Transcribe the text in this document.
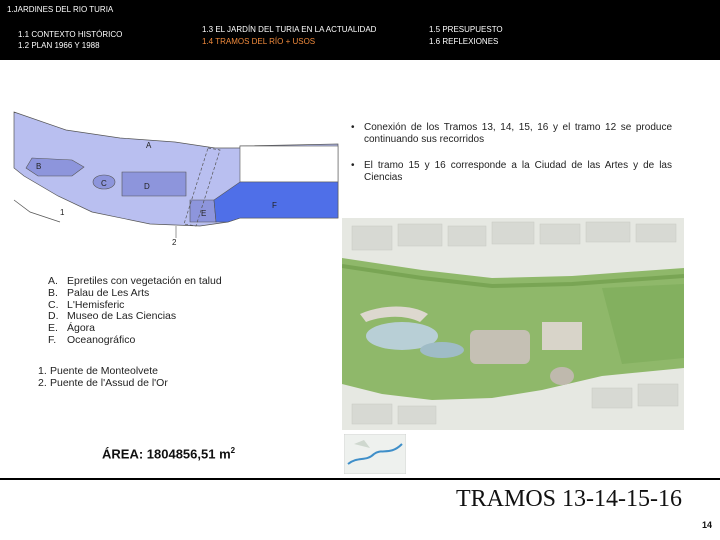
1.JARDINES DEL RIO TURIA
1.1 CONTEXTO HISTÓRICO
1.2 PLAN 1966 Y 1988
1.3 EL JARDÍN DEL TURIA EN LA ACTUALIDAD
1.4 TRAMOS DEL RÍO + USOS
1.5 PRESUPUESTO
1.6 REFLEXIONES
A
B
C	D
E
F
1
2
• Conexión de los Tramos 13, 14, 15, 16 y el tramo 12 se produce continuando sus recorridos
• El tramo 15 y 16 corresponde a la Ciudad de las Artes y de las Ciencias
A. Epretiles con vegetación en talud
B. Palau de Les Arts
C. L'Hemisferic
D. Museo de Las Ciencias
E. Ágora
F. Oceanográfico
1. Puente de Monteolvete
2. Puente de l'Assud de l'Or
ÁREA: 1804856,51 $m^2$
TRAMOS 13-14-15-16
14
